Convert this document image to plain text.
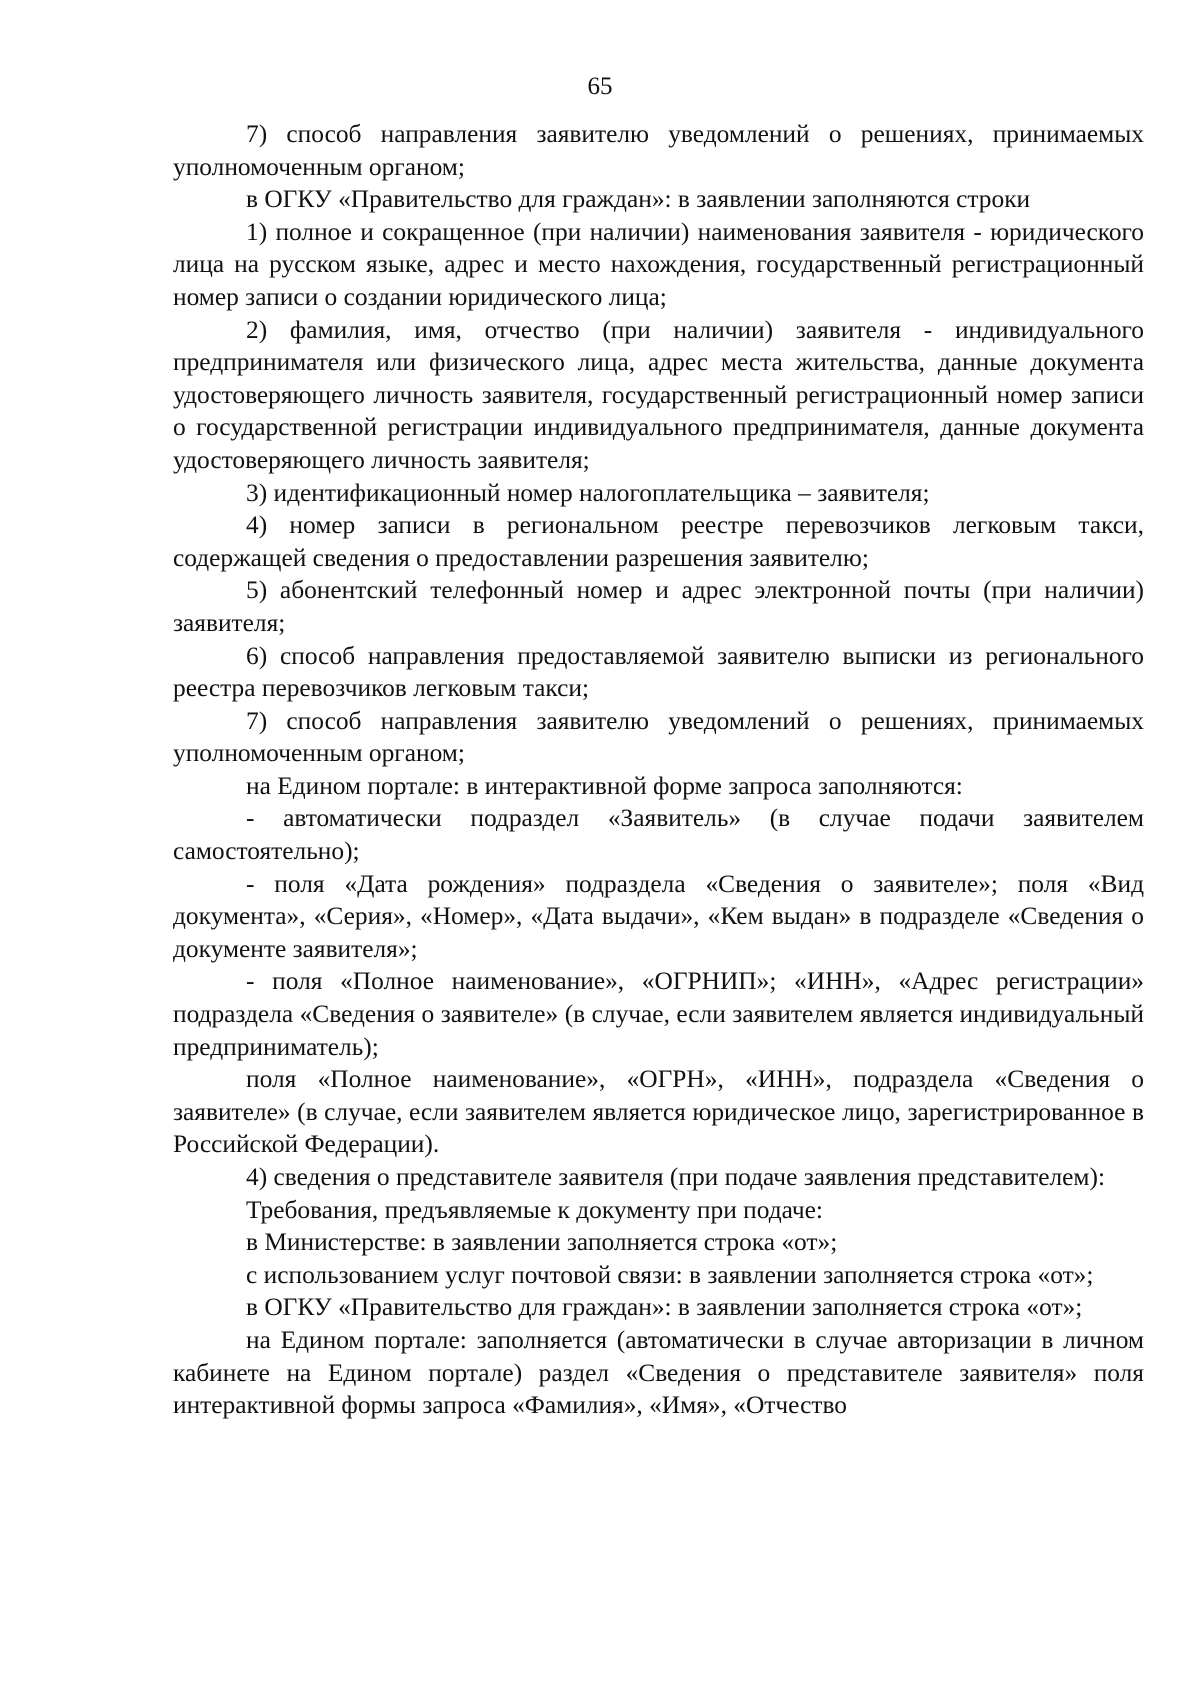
65

7) способ направления заявителю уведомлений о решениях, принимаемых уполномоченным органом;

в ОГКУ «Правительство для граждан»: в заявлении заполняются строки

1) полное и сокращенное (при наличии) наименования заявителя - юридического лица на русском языке, адрес и место нахождения, государственный регистрационный номер записи о создании юридического лица;

2) фамилия, имя, отчество (при наличии) заявителя - индивидуального предпринимателя или физического лица, адрес места жительства, данные документа удостоверяющего личность заявителя, государственный регистрационный номер записи о государственной регистрации индивидуального предпринимателя, данные документа удостоверяющего личность заявителя;

3) идентификационный номер налогоплательщика – заявителя;

4) номер записи в региональном реестре перевозчиков легковым такси, содержащей сведения о предоставлении разрешения заявителю;

5) абонентский телефонный номер и адрес электронной почты (при наличии) заявителя;

6) способ направления предоставляемой заявителю выписки из регионального реестра перевозчиков легковым такси;

7) способ направления заявителю уведомлений о решениях, принимаемых уполномоченным органом;

на Едином портале: в интерактивной форме запроса заполняются:

- автоматически подраздел «Заявитель» (в случае подачи заявителем самостоятельно);

- поля «Дата рождения» подраздела «Сведения о заявителе»; поля «Вид документа», «Серия», «Номер», «Дата выдачи», «Кем выдан» в подразделе «Сведения о документе заявителя»;

- поля «Полное наименование», «ОГРНИП»; «ИНН», «Адрес регистрации» подраздела «Сведения о заявителе» (в случае, если заявителем является индивидуальный предприниматель);

поля «Полное наименование», «ОГРН», «ИНН», подраздела «Сведения о заявителе» (в случае, если заявителем является юридическое лицо, зарегистрированное в Российской Федерации).

4) сведения о представителе заявителя (при подаче заявления представителем):

Требования, предъявляемые к документу при подаче:

в Министерстве: в заявлении заполняется строка «от»;

с использованием услуг почтовой связи: в заявлении заполняется строка «от»;

в ОГКУ «Правительство для граждан»: в заявлении заполняется строка «от»;

на Едином портале: заполняется (автоматически в случае авторизации в личном кабинете на Едином портале) раздел «Сведения о представителе заявителя» поля интерактивной формы запроса «Фамилия», «Имя», «Отчество
